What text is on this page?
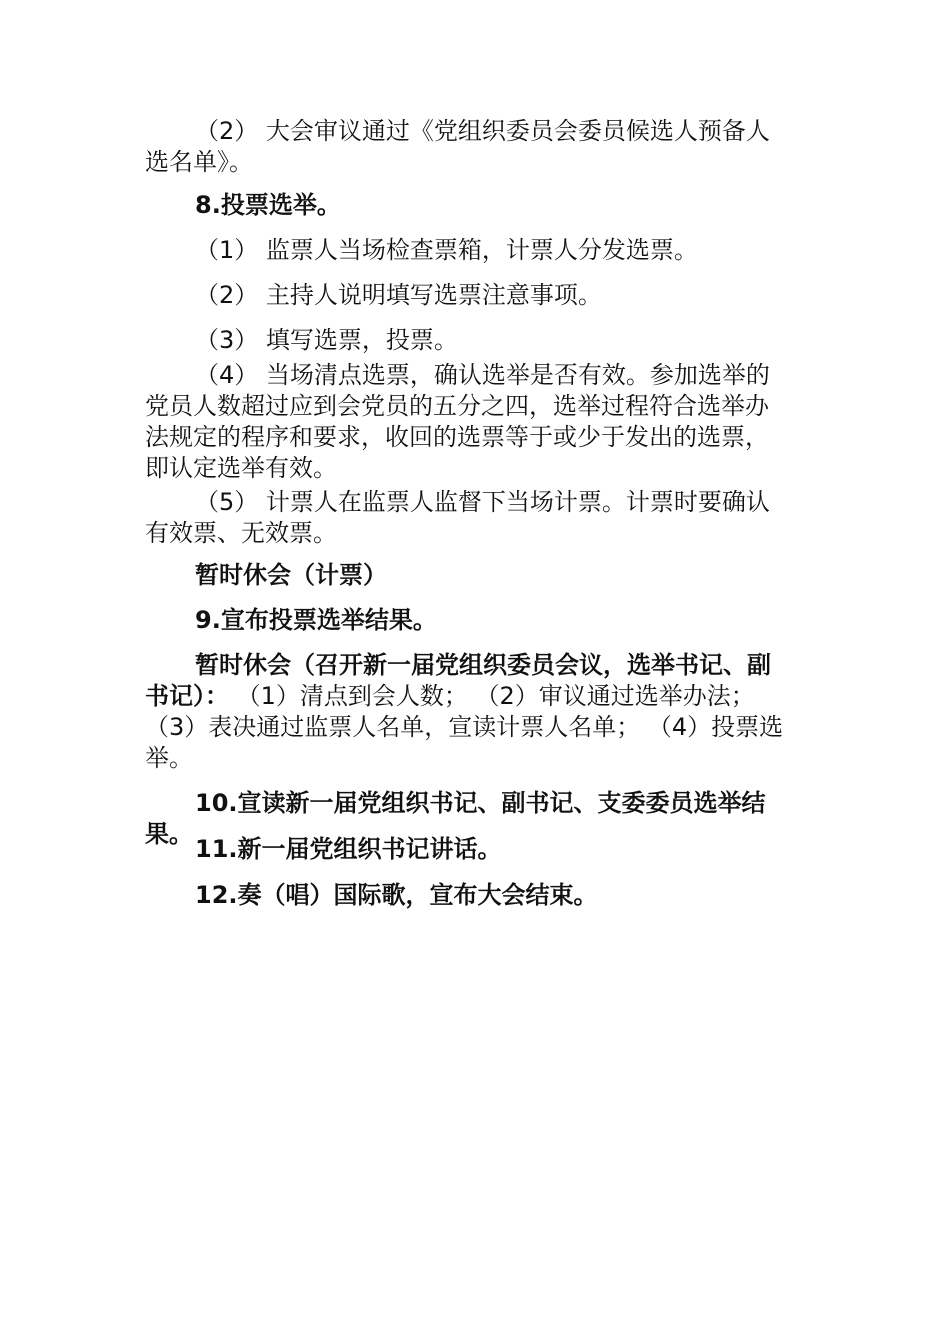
（2） 大会审议通过《党组织委员会委员候选人预备人
选名单》。

8.投票选举。

（1） 监票人当场检查票箱，计票人分发选票。

（2） 主持人说明填写选票注意事项。

（3） 填写选票，投票。

（4） 当场清点选票，确认选举是否有效。参加选举的
党员人数超过应到会党员的五分之四，选举过程符合选举办
法规定的程序和要求，收回的选票等于或少于发出的选票，
即认定选举有效。

（5） 计票人在监票人监督下当场计票。计票时要确认
有效票、无效票。

暂时休会（计票）

9.宣布投票选举结果。

暂时休会（召开新一届党组织委员会议，选举书记、副
书记）： （1）清点到会人数； （2）审议通过选举办法；
（3）表决通过监票人名单，宣读计票人名单； （4）投票选
举。

10.宣读新一届党组织书记、副书记、支委委员选举结果。

11.新一届党组织书记讲话。

12.奏（唱）国际歌，宣布大会结束。
